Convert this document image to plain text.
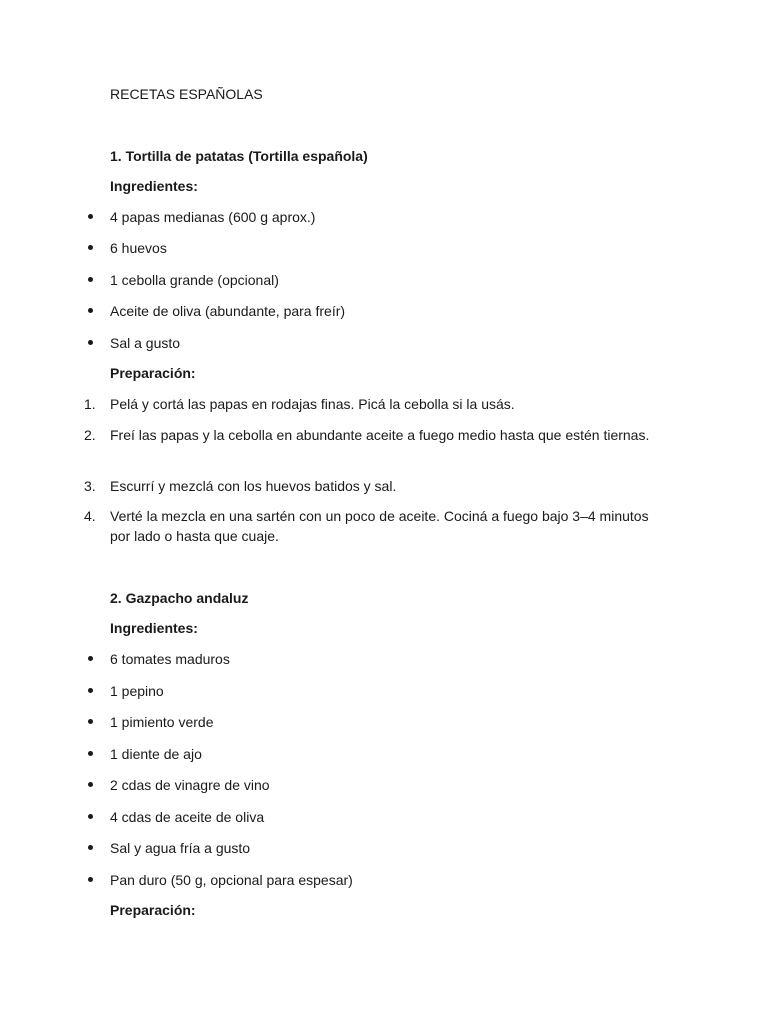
RECETAS ESPAÑOLAS
1. Tortilla de patatas (Tortilla española)
Ingredientes:
4 papas medianas (600 g aprox.)
6 huevos
1 cebolla grande (opcional)
Aceite de oliva (abundante, para freír)
Sal a gusto
Preparación:
1.	Pelá y cortá las papas en rodajas finas. Picá la cebolla si la usás.
2.	Freí las papas y la cebolla en abundante aceite a fuego medio hasta que estén tiernas.
3.	Escurrí y mezclá con los huevos batidos y sal.
4.	Verté la mezcla en una sartén con un poco de aceite. Cociná a fuego bajo 3–4 minutos por lado o hasta que cuaje.
2. Gazpacho andaluz
Ingredientes:
6 tomates maduros
1 pepino
1 pimiento verde
1 diente de ajo
2 cdas de vinagre de vino
4 cdas de aceite de oliva
Sal y agua fría a gusto
Pan duro (50 g, opcional para espesar)
Preparación:
